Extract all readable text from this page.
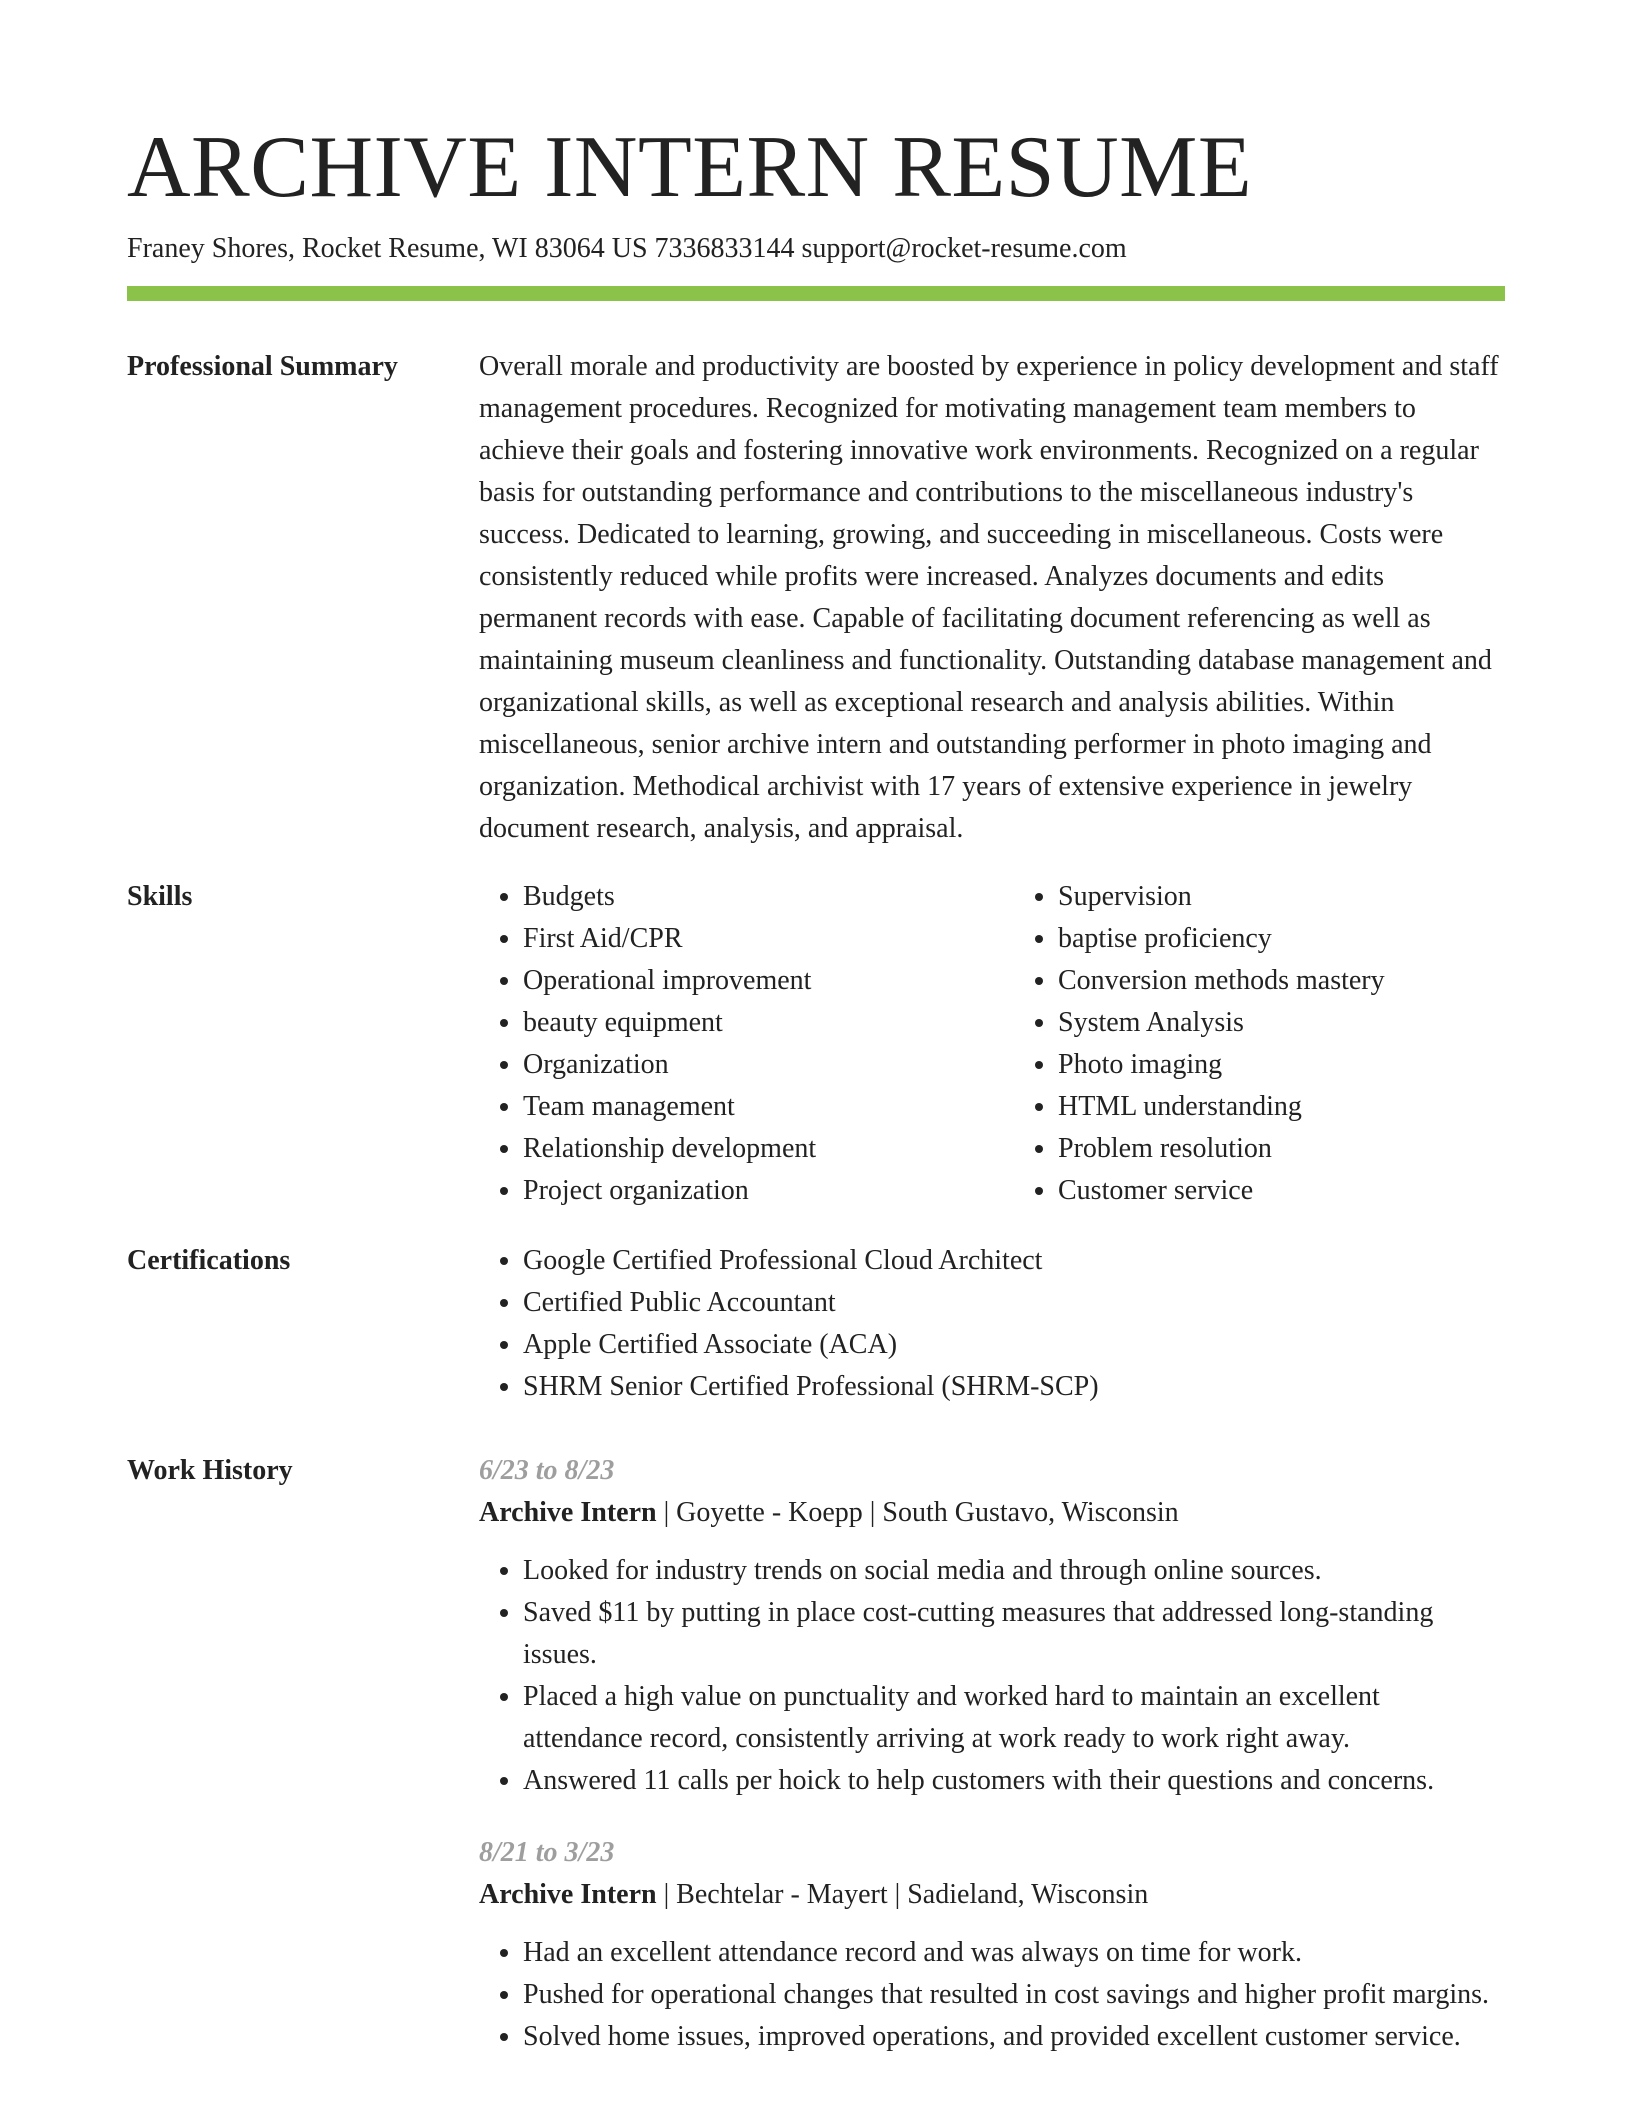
ARCHIVE INTERN RESUME
Franey Shores, Rocket Resume, WI 83064 US 7336833144 support@rocket-resume.com
Professional Summary	Overall morale and productivity are boosted by experience in policy development and staff management procedures. Recognized for motivating management team members to achieve their goals and fostering innovative work environments. Recognized on a regular basis for outstanding performance and contributions to the miscellaneous industry's success. Dedicated to learning, growing, and succeeding in miscellaneous. Costs were consistently reduced while profits were increased. Analyzes documents and edits permanent records with ease. Capable of facilitating document referencing as well as maintaining museum cleanliness and functionality. Outstanding database management and organizational skills, as well as exceptional research and analysis abilities. Within miscellaneous, senior archive intern and outstanding performer in photo imaging and organization. Methodical archivist with 17 years of extensive experience in jewelry document research, analysis, and appraisal.

Skills	• Budgets
• First Aid/CPR
• Operational improvement
• beauty equipment
• Organization
• Team management
• Relationship development
• Project organization
• Supervision
• baptise proficiency
• Conversion methods mastery
• System Analysis
• Photo imaging
• HTML understanding
• Problem resolution
• Customer service
Certifications	• Google Certified Professional Cloud Architect
• Certified Public Accountant
• Apple Certified Associate (ACA)
• SHRM Senior Certified Professional (SHRM-SCP)
Work History	6/23 to 8/23
Archive Intern | Goyette - Koepp | South Gustavo, Wisconsin
• Looked for industry trends on social media and through online sources.
• Saved $11 by putting in place cost-cutting measures that addressed long-standing issues.
• Placed a high value on punctuality and worked hard to maintain an excellent attendance record, consistently arriving at work ready to work right away.
• Answered 11 calls per hoick to help customers with their questions and concerns.
8/21 to 3/23
Archive Intern | Bechtelar - Mayert | Sadieland, Wisconsin
• Had an excellent attendance record and was always on time for work.
• Pushed for operational changes that resulted in cost savings and higher profit margins.
• Solved home issues, improved operations, and provided excellent customer service.
